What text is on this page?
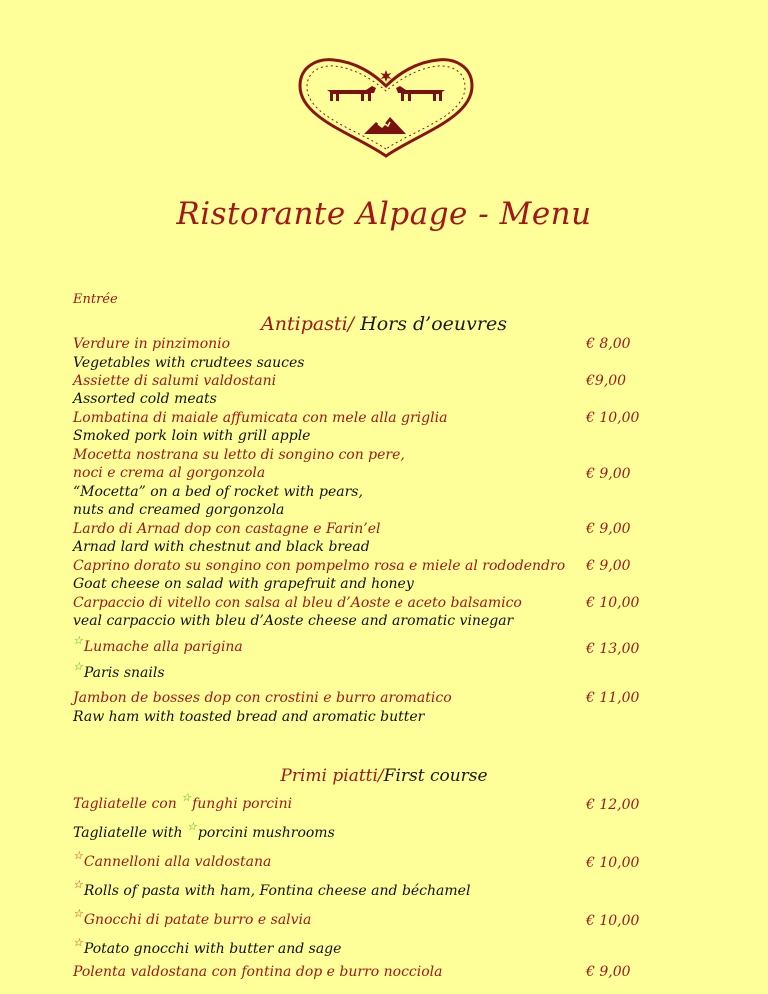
Ristorante Alpage - Menu
Entrée
Antipasti/ Hors d’oeuvres
Verdure in pinzimonio
Vegetables with crudtees sauces
Assiette di salumi valdostani
Assorted cold meats
Lombatina di maiale affumicata con mele alla griglia
Smoked pork loin with grill apple
Mocetta nostrana su letto di songino con pere,
noci e crema al gorgonzola
“Mocetta” on a bed of rocket with pears,
nuts and creamed gorgonzola
Lardo di Arnad dop con castagne e Farin’el
Arnad lard with chestnut and black bread
Caprino dorato su songino con pompelmo rosa e miele al rododendro
Goat cheese on salad with grapefruit and honey
Carpaccio di vitello con salsa al bleu d’Aoste e aceto balsamico
veal carpaccio with bleu d’Aoste cheese and aromatic vinegar
☆Lumache alla parigina
☆Paris snails
Jambon de bosses dop con crostini e burro aromatico
Raw ham with toasted bread and aromatic butter
€ 8,00
€9,00
€ 10,00
€ 9,00
€ 9,00
€ 9,00
€ 10,00
€ 13,00
€ 11,00
Primi piatti/First course
Tagliatelle con ☆funghi porcini
Tagliatelle with ☆porcini mushrooms
☆Cannelloni alla valdostana
☆Rolls of pasta with ham, Fontina cheese and béchamel
☆Gnocchi di patate burro e salvia
☆Potato gnocchi with butter and sage
Polenta valdostana con fontina dop e burro nocciola
€ 12,00
€ 10,00
€ 10,00
€ 9,00
